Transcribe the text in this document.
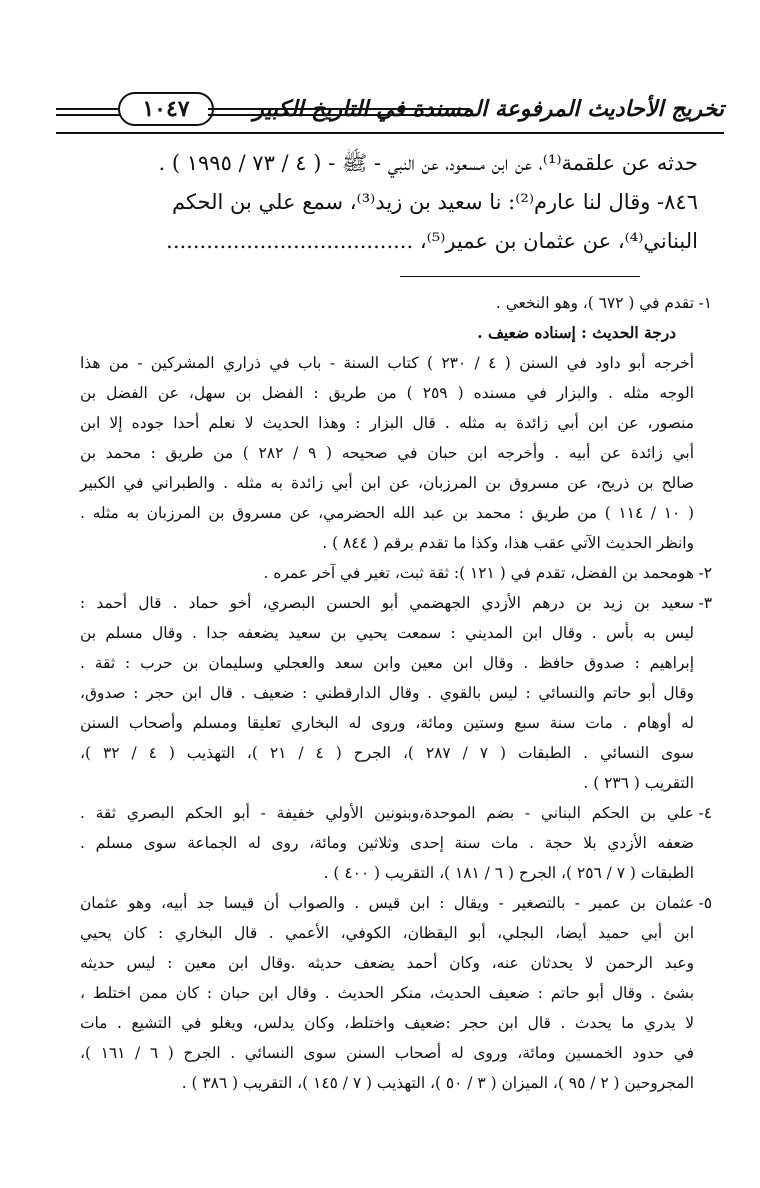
١٠٤٧	تخريج الأحاديث المرفوعة المسندة في التاريخ الكبير

حدثه عن علقمة⁽¹⁾، عن ابن مسعود، عن النبي - ﷺ - ( ٤ / ٧٣ / ١٩٩٥ ) .

٨٤٦- وقال لنا عارم⁽²⁾: نا سعيد بن زيد⁽³⁾، سمع علي بن الحكم

البناني⁽⁴⁾، عن عثمان بن عمير⁽⁵⁾، .....................................

١-
تقدم في ( ٦٧٢ )، وهو النخعي .
درجة الحديث : إسناده ضعيف .
أخرجه أبو داود في السنن ( ٤ / ٢٣٠ ) كتاب السنة - باب في ذراري المشركين - من هذا
الوجه مثله . والبزار في مسنده ( ٢٥٩ ) من طريق : الفضل بن سهل، عن الفضل بن
منصور، عن ابن أبي زائدة به مثله . قال البزار : وهذا الحديث لا نعلم أحدا جوده إلا ابن
أبي زائدة عن أبيه . وأخرجه ابن حبان في صحيحه ( ٩ / ٢٨٢ ) من طريق : محمد بن
صالح بن ذريح، عن مسروق بن المرزبان، عن ابن أبي زائدة به مثله . والطبراني في الكبير
( ١٠ / ١١٤ ) من طريق : محمد بن عبد الله الحضرمي، عن مسروق بن المرزبان به مثله .
وانظر الحديث الآتي عقب هذا، وكذا ما تقدم برقم ( ٨٤٤ ) .
٢-
هومحمد بن الفضل، تقدم في ( ١٢١ ): ثقة ثبت، تغير في آخر عمره .
٣-
سعيد بن زيد بن درهم الأزدي الجهضمي أبو الحسن البصري، أخو حماد . قال أحمد :
ليس به بأس . وقال ابن المديني : سمعت يحيي بن سعيد يضعفه جدا . وقال مسلم بن
إبراهيم : صدوق حافظ . وقال ابن معين وابن سعد والعجلي وسليمان بن حرب : ثقة .
وقال أبو حاتم والنسائي : ليس بالقوي . وقال الدارقطني : ضعيف . قال ابن حجر : صدوق،
له أوهام . مات سنة سبع وستين ومائة، وروى له البخاري تعليقا ومسلم وأصحاب السنن
سوى النسائي . الطبقات ( ٧ / ٢٨٧ )، الجرح ( ٤ / ٢١ )، التهذيب ( ٤ / ٣٢ )،
التقريب ( ٢٣٦ ) .
٤-
علي بن الحكم البناني - بضم الموحدة،وبنونين الأولي خفيفة - أبو الحكم البصري ثقة .
ضعفه الأزدي بلا حجة . مات سنة إحدى وثلاثين ومائة، روى له الجماعة سوى مسلم .
الطبقات ( ٧ / ٢٥٦ )، الجرح ( ٦ / ١٨١ )، التقريب ( ٤٠٠ ) .
٥-
عثمان بن عمير - بالتصغير - ويقال : ابن قيس . والصواب أن قيسا جد أبيه، وهو عثمان
ابن أبي حميد أيضا، البجلي، أبو اليقظان، الكوفي، الأعمي . قال البخاري : كان يحيي
وعبد الرحمن لا يحدثان عنه، وكان أحمد يضعف حديثه .وقال ابن معين : ليس حديثه
بشئ . وقال أبو حاتم : ضعيف الحديث، منكر الحديث . وقال ابن حبان : كان ممن اختلط ،
لا يدري ما يحدث . قال ابن حجر :ضعيف واختلط، وكان يدلس، ويغلو في التشيع . مات
في حدود الخمسين ومائة، وروى له أصحاب السنن سوى النسائي . الجرح ( ٦ / ١٦١ )،
المجروحين ( ٢ / ٩٥ )، الميزان ( ٣ / ٥٠ )، التهذيب ( ٧ / ١٤٥ )، التقريب ( ٣٨٦ ) .
